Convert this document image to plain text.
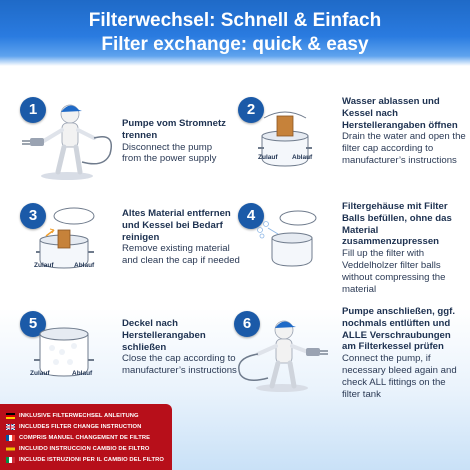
Filterwechsel: Schnell & Einfach
Filter exchange: quick & easy
1
Pumpe vom Stromnetz trennen
Disconnect the pump from the power supply
2
Zulauf Ablauf
Wasser ablassen und Kessel nach Herstellerangaben öffnen
Drain the water and open the filter cap according to manufacturer’s instructions
3
Zulauf	Ablauf
Altes Material entfernen und Kessel bei Bedarf reinigen
Remove existing material and clean the cap if needed
4
Filtergehäuse mit Filter Balls befüllen, ohne das Material zusammenzupressen
Fill up the filter with Veddelholzer filter balls without compressing the material
5
Zulauf	Ablauf
Deckel nach Herstellerangaben schließen
Close the cap according to manufacturer’s instructions
6
Pumpe anschließen, ggf. nochmals entlüften und ALLE Verschraubungen am Filterkessel prüfen
Connect the pump, if necessary bleed again and check ALL fittings on the filter tank
INKLUSIVE FILTERWECHSEL ANLEITUNG
INCLUDES FILTER CHANGE INSTRUCTION
COMPRIS MANUEL CHANGEMENT DE FILTRE
INCLUIDO INSTRUCCION CAMBIO DE FILTRO
INCLUDE ISTRUZIONI PER IL CAMBIO DEL FILTRO
